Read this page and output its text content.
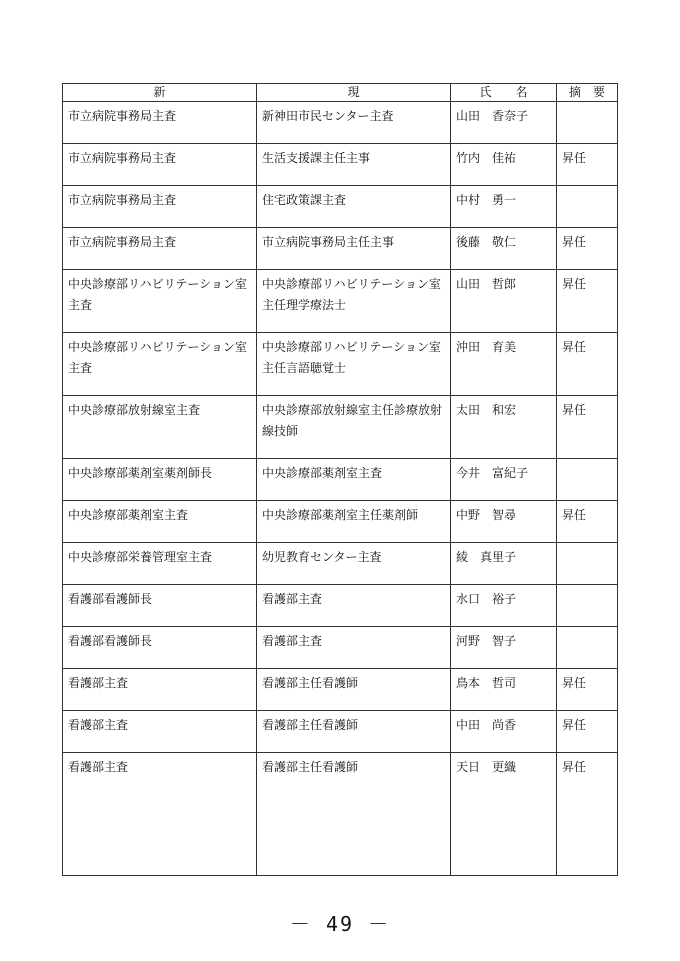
新	現	氏　　名	摘　要
市立病院事務局主査	新神田市民センター主査	山田　香奈子	
市立病院事務局主査	生活支援課主任主事	竹内　佳祐	昇任
市立病院事務局主査	住宅政策課主査	中村　勇一	
市立病院事務局主査	市立病院事務局主任主事	後藤　敬仁	昇任
中央診療部リハビリテーション室主査	中央診療部リハビリテーション室主任理学療法士	山田　哲郎	昇任
中央診療部リハビリテーション室主査	中央診療部リハビリテーション室主任言語聴覚士	沖田　育美	昇任
中央診療部放射線室主査	中央診療部放射線室主任診療放射線技師	太田　和宏	昇任
中央診療部薬剤室薬剤師長	中央診療部薬剤室主査	今井　富紀子	
中央診療部薬剤室主査	中央診療部薬剤室主任薬剤師	中野　智尋	昇任
中央診療部栄養管理室主査	幼児教育センター主査	綾　真里子	
看護部看護師長	看護部主査	水口　裕子	
看護部看護師長	看護部主査	河野　智子	
看護部主査	看護部主任看護師	鳥本　哲司	昇任
看護部主査	看護部主任看護師	中田　尚香	昇任
看護部主査	看護部主任看護師	天日　更織	昇任
－ 49 －
